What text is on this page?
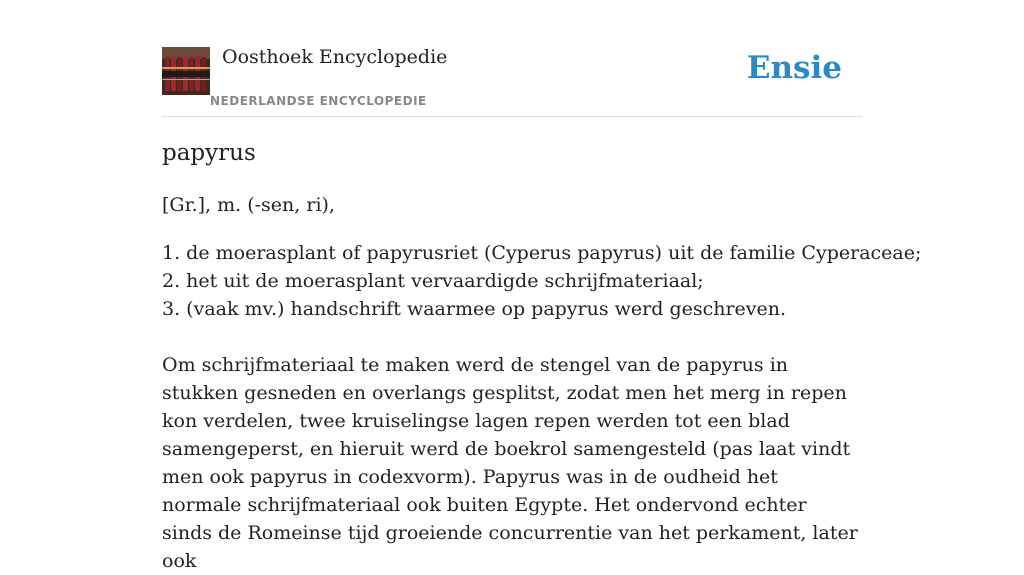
Oosthoek Encyclopedie
NEDERLANDSE ENCYCLOPEDIE
Ensie
papyrus
[Gr.], m. (-sen, ri),
1. de moerasplant of papyrusriet (Cyperus papyrus) uit de familie Cyperaceae;
2. het uit de moerasplant vervaardigde schrijfmateriaal;
3. (vaak mv.) handschrift waarmee op papyrus werd geschreven.

Om schrijfmateriaal te maken werd de stengel van de papyrus in stukken gesneden en overlangs gesplitst, zodat men het merg in repen kon verdelen, twee kruiselingse lagen repen werden tot een blad samengeperst, en hieruit werd de boekrol samengesteld (pas laat vindt men ook papyrus in codexvorm). Papyrus was in de oudheid het normale schrijfmateriaal ook buiten Egypte. Het ondervond echter sinds de Romeinse tijd groeiende concurrentie van het perkament, later ook
